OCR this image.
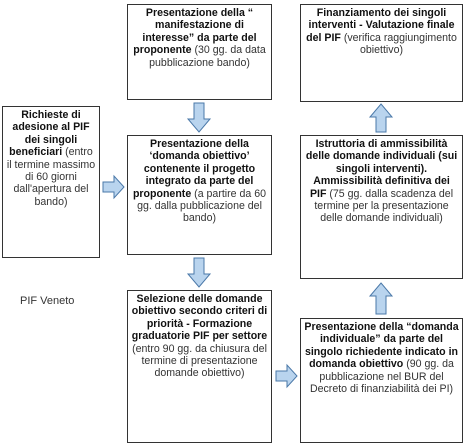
Richieste di adesione al PIF dei singoli beneficiari (entro il termine massimo di 60 giorni dall'apertura del bando)
Presentazione della “ manifestazione di interesse” da parte del proponente (30 gg. da data pubblicazione bando)
Presentazione della ‘domanda obiettivo’ contenente il progetto integrato da parte del proponente (a partire da 60 gg. dalla pubblicazione del bando)
Selezione delle domande obiettivo secondo criteri di priorità - Formazione graduatorie PIF per settore (entro 90 gg. da chiusura del termine di presentazione domande obiettivo)
Presentazione della “domanda individuale” da parte del singolo richiedente indicato in domanda obiettivo (90 gg. da pubblicazione nel BUR del Decreto di finanziabilità dei PI)
Istruttoria di ammissibilità delle domande individuali (sui singoli interventi). Ammissibilità definitiva dei PIF (75 gg. dalla scadenza del termine per la presentazione delle domande individuali)
Finanziamento dei singoli interventi - Valutazione finale del PIF (verifica raggiungimento obiettivo)
PIF Veneto
